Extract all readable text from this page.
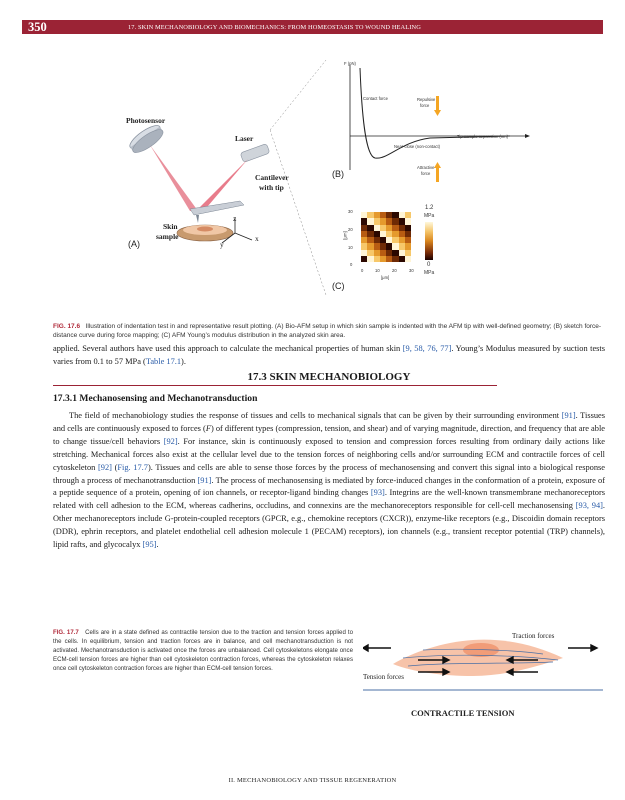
350	17. SKIN MECHANOBIOLOGY AND BIOMECHANICS: FROM HOMEOSTASIS TO WOUND HEALING
Photosensor
Laser
Cantilever
with tip
Skin
sample
z
x
y
(A)
F (pN)
Contact force	Repulsive
force
Tip-sample separation (nm)
Near-close (non-contact)
Attractive
force
(B)
30
20
10
0
0	10	20	30
[μm]
[μm]
1.2
MPa
0
MPa
(C)
FIG. 17.6 Illustration of indentation test in and representative result plotting. (A) Bio-AFM setup in which skin sample is indented with the AFM tip with well-defined geometry; (B) sketch force-distance curve during force mapping; (C) AFM Young’s modulus distribution in the analyzed skin area.
applied. Several authors have used this approach to calculate the mechanical properties of human skin [9, 58, 76, 77]. Young’s Modulus measured by suction tests varies from 0.1 to 57 MPa (Table 17.1).
17.3 SKIN MECHANOBIOLOGY
17.3.1 Mechanosensing and Mechanotransduction
The field of mechanobiology studies the response of tissues and cells to mechanical signals that can be given by their surrounding environment [91]. Tissues and cells are continuously exposed to forces (F) of different types (compression, tension, and shear) and of varying magnitude, direction, and frequency that are able to change tissue/cell behaviors [92]. For instance, skin is continuously exposed to tension and compression forces resulting from ordinary daily actions like stretching. Mechanical forces also exist at the cellular level due to the tension forces of neighboring cells and/or surrounding ECM and contractile forces of cell cytoskeleton [92] (Fig. 17.7). Tissues and cells are able to sense those forces by the process of mechanosensing and convert this signal into a biological response through a process of mechanotransduction [91]. The process of mechanosensing is mediated by force-induced changes in the conformation of a protein, exposure of a peptide sequence of a protein, opening of ion channels, or receptor-ligand binding changes [93]. Integrins are the well-known transmembrane mechanoreceptors related with cell adhesion to the ECM, whereas cadherins, occludins, and connexins are the mechanoreceptors responsible for cell-cell mechanosensing [93, 94]. Other mechanoreceptors include G-protein-coupled receptors (GPCR, e.g., chemokine receptors (CXCR)), enzyme-like receptors (e.g., Discoidin domain receptors (DDR), ephrin receptors, and platelet endothelial cell adhesion molecule 1 (PECAM) receptors), ion channels (e.g., transient receptor potential (TRP) channels), lipid rafts, and glycocalyx [95].
FIG. 17.7 Cells are in a state defined as contractile tension due to the traction and tension forces applied to the cells. In equilibrium, tension and traction forces are in balance, and cell mechanotransduction is not activated. Mechanotransduction is activated once the forces are unbalanced. Cell cytoskeletons elongate once ECM-cell tension forces are higher than cell cytoskeleton contraction forces, whereas the cytoskeleton relaxes once cell cytoskeleton contraction forces are higher than ECM-cell tension forces.
Traction forces
Tension forces
CONTRACTILE TENSION
II. MECHANOBIOLOGY AND TISSUE REGENERATION
